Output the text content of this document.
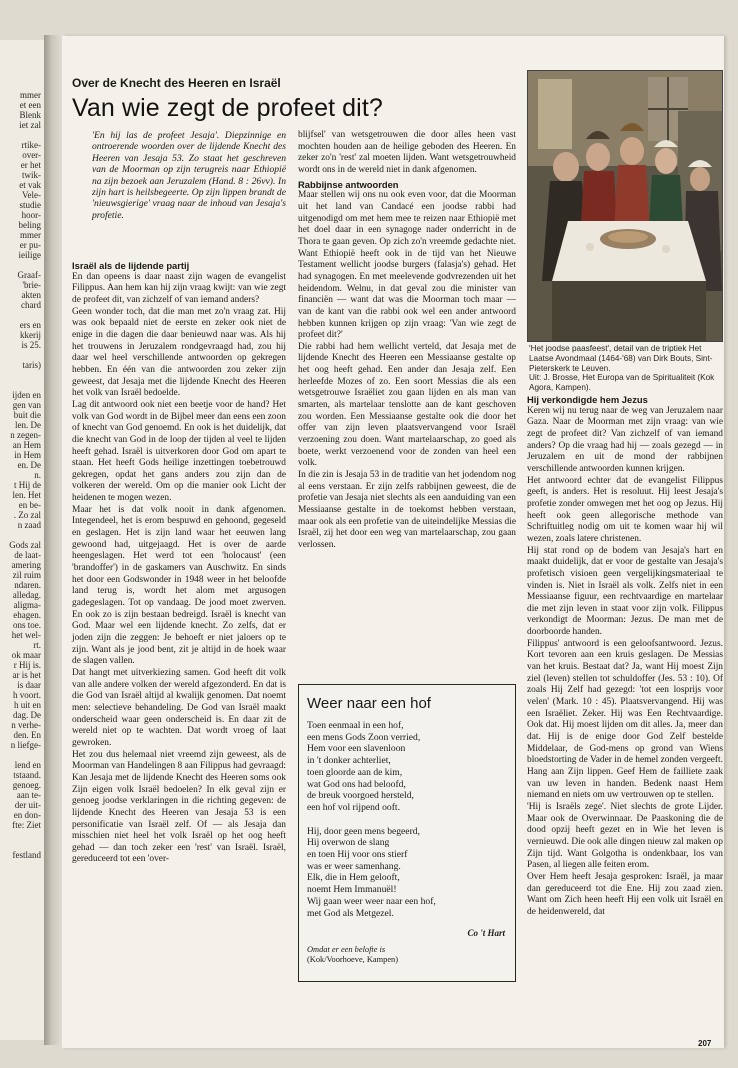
mmer
et een
Blenk
iet zal

rtike-
over-
er het
twik-
et vak
Vele-
studie
hoor-
beling
mmer
er pu-
ieilige

Graaf-
'brie-
akten
chard

ers en
kkerij
is 25.

taris)

ijden en
gen van
buit die
len. De
n zegen-
an Hem
in Hem
en. De
n.
t Hij de
len. Het
en be-
. Zo zal
n zaad

Gods zal
de laat-
amering
zil ruim
ndaren.
alledag.
aligma-
ehagen.
ons toe.
het wel-
rt.
ok maar
r Hij is.
ar is het
is daar
h voort.
h uit en
dag. De
n verhe-
den. En
n liefge-

lend en
tstaand.
genoeg.
aan te-
der uit-
en don-
fte: Ziet

festland
Over de Knecht des Heeren en Israël
Van wie zegt de profeet dit?
'En hij las de profeet Jesaja'. Diepzinnige en ontroerende woorden over de lijdende Knecht des Heeren van Jesaja 53. Zo staat het geschreven van de Moorman op zijn terugreis naar Ethiopië na zijn bezoek aan Jeruzalem (Hand. 8 : 26vv). In zijn hart is heilsbegeerte. Op zijn lippen brandt de 'nieuwsgierige' vraag naar de inhoud van Jesaja's profetie.

Israël als de lijdende partij

En dan opeens is daar naast zijn wagen de evangelist Filippus. Aan hem kan hij zijn vraag kwijt: van wie zegt de profeet dit, van zichzelf of van iemand anders?

Geen wonder toch, dat die man met zo'n vraag zat. Hij was ook bepaald niet de eerste en zeker ook niet de enige in die dagen die daar benieuwd naar was. Als hij het trouwens in Jeruzalem rondgevraagd had, zou hij daar wel heel verschillende antwoorden op gekregen hebben. En één van die antwoorden zou zeker zijn geweest, dat Jesaja met die lijdende Knecht des Heeren het volk van Israël bedoelde.

Lag dit antwoord ook niet een beetje voor de hand? Het volk van God wordt in de Bijbel meer dan eens een zoon of knecht van God genoemd. En ook is het duidelijk, dat die knecht van God in de loop der tijden al veel te lijden heeft gehad. Israël is uitverkoren door God om apart te staan. Het heeft Gods heilige inzettingen toebetrouwd gekregen, opdat het gans anders zou zijn dan de volkeren der wereld. Om op die manier ook Licht der heidenen te mogen wezen.

Maar het is dat volk nooit in dank afgenomen. Integendeel, het is erom bespuwd en gehoond, gegeseld en geslagen. Het is zijn land waar het eeuwen lang gewoond had, uitgejaagd. Het is over de aarde heengeslagen. Het werd tot een 'holocaust' (een 'brandoffer') in de gaskamers van Auschwitz. En sinds het door een Godswonder in 1948 weer in het beloofde land terug is, wordt het alom met argusogen gadegeslagen. Tot op vandaag. De jood moet zwerven. En ook zo is zijn bestaan bedreigd. Israël is knecht van God. Maar wel een lijdende knecht. Zo zelfs, dat er joden zijn die zeggen: Je behoeft er niet jaloers op te zijn. Want als je jood bent, zit je altijd in de hoek waar de slagen vallen.

Dat hangt met uitverkiezing samen. God heeft dit volk van alle andere volken der wereld afgezonderd. En dat is die God van Israël altijd al kwalijk genomen. Dat noemt men: selectieve behandeling. De God van Israël maakt onderscheid waar geen onderscheid is. En daar zit de wereld niet op te wachten. Dat wordt vroeg of laat gewroken.

Het zou dus helemaal niet vreemd zijn geweest, als de Moorman van Handelingen 8 aan Filippus had gevraagd: Kan Jesaja met de lijdende Knecht des Heeren soms ook Zijn eigen volk Israël bedoelen? In elk geval zijn er genoeg joodse verklaringen in die richting gegeven: de lijdende Knecht des Heeren van Jesaja 53 is een personificatie van Israël zelf. Of — als Jesaja dan misschien niet heel het volk Israël op het oog heeft gehad — dan toch zeker een 'rest' van Israël. Israël, gereduceerd tot een 'over-

blijfsel' van wetsgetrouwen die door alles heen vast mochten houden aan de heilige geboden des Heeren. En zeker zo'n 'rest' zal moeten lijden. Want wetsgetrouwheid wordt ons in de wereld niet in dank afgenomen.

Rabbijnse antwoorden

Maar stellen wij ons nu ook even voor, dat die Moorman uit het land van Candacé een joodse rabbi had uitgenodigd om met hem mee te reizen naar Ethiopië met het doel daar in een synagoge nader onderricht in de Thora te gaan geven. Op zich zo'n vreemde gedachte niet. Want Ethiopië heeft ook in de tijd van het Nieuwe Testament wellicht joodse burgers (falasja's) gehad. Het had synagogen. En met meelevende godvrezenden uit het heidendom. Welnu, in dat geval zou die minister van financiën — want dat was die Moorman toch maar — van de kant van die rabbi ook wel een ander antwoord hebben kunnen krijgen op zijn vraag: 'Van wie zegt de profeet dit?'

Die rabbi had hem wellicht verteld, dat Jesaja met de lijdende Knecht des Heeren een Messiaanse gestalte op het oog heeft gehad. Een ander dan Jesaja zelf. Een herleefde Mozes of zo. Een soort Messias die als een wetsgetrouwe Israëliet zou gaan lijden en als man van smarten, als martelaar tenslotte aan de kant geschoven zou worden. Een Messiaanse gestalte ook die door het offer van zijn leven plaatsvervangend voor Israël verzoening zou doen. Want martelaarschap, zo goed als boete, werkt verzoenend voor de zonden van heel een volk.

In die zin is Jesaja 53 in de traditie van het jodendom nog al eens verstaan. Er zijn zelfs rabbijnen geweest, die de profetie van Jesaja niet slechts als een aanduiding van een Messiaanse gestalte in de toekomst hebben verstaan, maar ook als een profetie van de uiteindelijke Messias die Israël, zij het door een weg van martelaarschap, zou gaan verlossen.

Hij verkondigde hem Jezus

Keren wij nu terug naar de weg van Jeruzalem naar Gaza. Naar de Moorman met zijn vraag: van wie zegt de profeet dit? Van zichzelf of van iemand anders? Op die vraag had hij — zoals gezegd — in Jeruzalem en uit de mond der rabbijnen verschillende antwoorden kunnen krijgen.

Het antwoord echter dat de evangelist Filippus geeft, is anders. Het is resoluut. Hij leest Jesaja's profetie zonder omwegen met het oog op Jezus. Hij heeft ook geen allegorische methode van Schriftuitleg nodig om uit te komen waar hij wil wezen, zoals latere christenen.

Hij stat rond op de bodem van Jesaja's hart en maakt duidelijk, dat er voor de gestalte van Jesaja's profetisch visioen geen vergelijkingsmateriaal te vinden is. Niet in Israël als volk. Zelfs niet in een Messiaanse figuur, een rechtvaardige en martelaar die met zijn leven in staat voor zijn volk. Filippus verkondigt de Moorman: Jezus. De man met de doorboorde handen.

Filippus' antwoord is een geloofsantwoord. Jezus. Kort tevoren aan een kruis geslagen. De Messias van het kruis. Bestaat dat? Ja, want Hij moest Zijn ziel (leven) stellen tot schuldoffer (Jes. 53 : 10). Of zoals Hij Zelf had gezegd: 'tot een losprijs voor velen' (Mark. 10 : 45). Plaatsvervangend. Hij was een Israëliet. Zeker. Hij was Een Rechtvaardige. Ook dat. Hij moest lijden om dit alles. Ja, meer dan dat. Hij is de enige door God Zelf bestelde Middelaar, de God-mens op grond van Wiens bloedstorting de Vader in de hemel zonden vergeeft. Hang aan Zijn lippen. Geef Hem de failliete zaak van uw leven in handen. Bedenk naast Hem niemand en niets om uw vertrouwen op te stellen.

'Hij is Israëls zege'. Niet slechts de grote Lijder. Maar ook de Overwinnaar. De Paaskoning die de dood opzij heeft gezet en in Wie het leven is vernieuwd. Die ook alle dingen nieuw zal maken op Zijn tijd. Want Golgotha is ondenkbaar, los van Pasen, al liegen alle feiten erom.

Over Hem heeft Jesaja gesproken: Israël, ja maar dan gereduceerd tot die Ene. Hij zou zaad zien. Want om Zich heen heeft Hij een volk uit Israël en de heidenwereld, dat

'Het joodse paasfeest', detail van de triptiek Het Laatse Avondmaal (1464-'68) van Dirk Bouts, Sint-Pieterskerk te Leuven.
Uit: J. Brosse, Het Europa van de Spiritualiteit (Kok Agora, Kampen).
Weer naar een hof

Toen eenmaal in een hof,

een mens Gods Zoon verried,

Hem voor een slavenloon

in 't donker achterliet,

toen gloorde aan de kim,

wat God ons had beloofd,

de breuk voorgoed hersteld,

een hof vol rijpend ooft.

Hij, door geen mens begeerd,

Hij overwon de slang

en toen Hij voor ons stierf

was er weer samenhang.

Elk, die in Hem gelooft,

noemt Hem Immanuël!

Wij gaan weer weer naar een hof,

met God als Metgezel.

Co 't Hart
Omdat er een belofte is
(Kok/Voorhoeve, Kampen)
207
